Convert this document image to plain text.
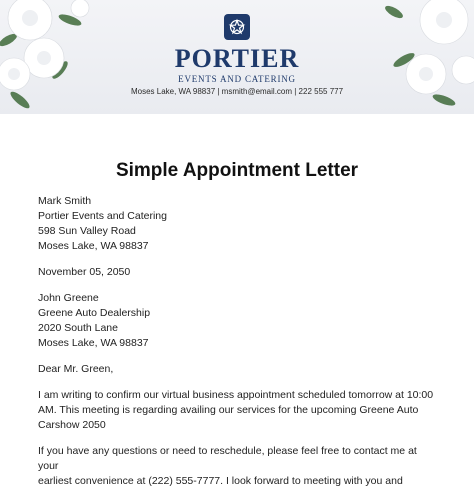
PORTIER
EVENTS AND CATERING
Moses Lake, WA 98837 | msmith@email.com | 222 555 777
Simple Appointment Letter
Mark Smith
Portier Events and Catering
598 Sun Valley Road
Moses Lake, WA 98837
November 05, 2050
John Greene
Greene Auto Dealership
2020 South Lane
Moses Lake, WA 98837
Dear Mr. Green,
I am writing to confirm our virtual business appointment scheduled tomorrow at 10:00
AM. This meeting is regarding availing our services for the upcoming Greene Auto
Carshow 2050
If you have any questions or need to reschedule, please feel free to contact me at your
earliest convenience at (222) 555-7777. I look forward to meeting with you and
